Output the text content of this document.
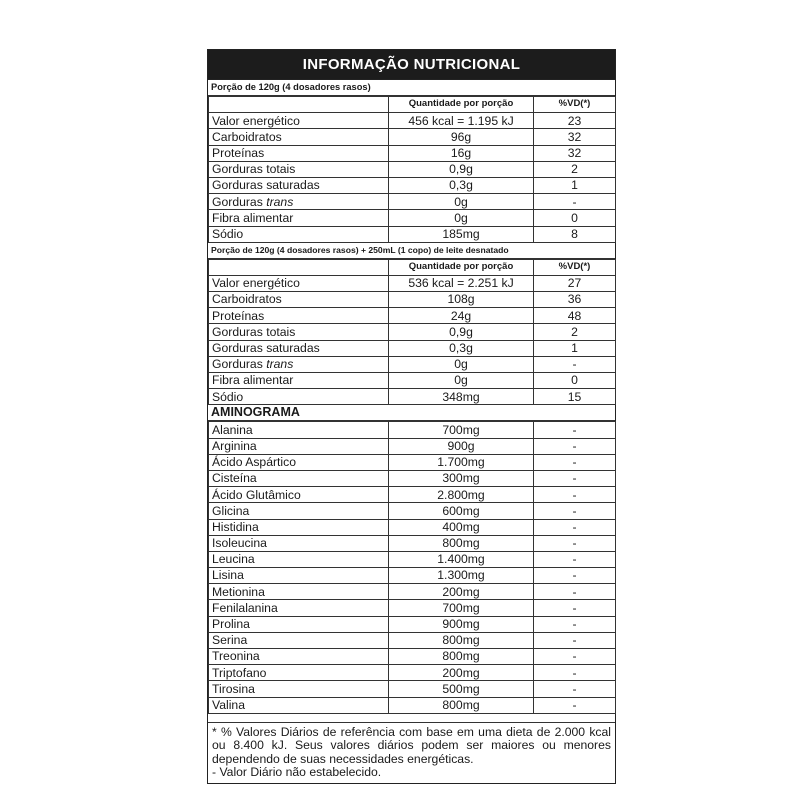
INFORMAÇÃO NUTRICIONAL
Porção de 120g (4 dosadores rasos)
	Quantidade por porção	%VD(*)
Valor energético	456 kcal = 1.195 kJ	23
Carboidratos	96g	32
Proteínas	16g	32
Gorduras totais	0,9g	2
Gorduras saturadas	0,3g	1
Gorduras trans	0g	-
Fibra alimentar	0g	0
Sódio	185mg	8
Porção de 120g (4 dosadores rasos) + 250mL (1 copo) de leite desnatado
	Quantidade por porção	%VD(*)
Valor energético	536 kcal = 2.251 kJ	27
Carboidratos	108g	36
Proteínas	24g	48
Gorduras totais	0,9g	2
Gorduras saturadas	0,3g	1
Gorduras trans	0g	-
Fibra alimentar	0g	0
Sódio	348mg	15
AMINOGRAMA
Alanina	700mg	-
Arginina	900g	-
Ácido Aspártico	1.700mg	-
Cisteína	300mg	-
Ácido Glutâmico	2.800mg	-
Glicina	600mg	-
Histidina	400mg	-
Isoleucina	800mg	-
Leucina	1.400mg	-
Lisina	1.300mg	-
Metionina	200mg	-
Fenilalanina	700mg	-
Prolina	900mg	-
Serina	800mg	-
Treonina	800mg	-
Triptofano	200mg	-
Tirosina	500mg	-
Valina	800mg	-

* % Valores Diários de referência com base em uma dieta de 2.000 kcal ou 8.400 kJ. Seus valores diários podem ser maiores ou menores dependendo de suas necessidades energéticas.

- Valor Diário não estabelecido.
